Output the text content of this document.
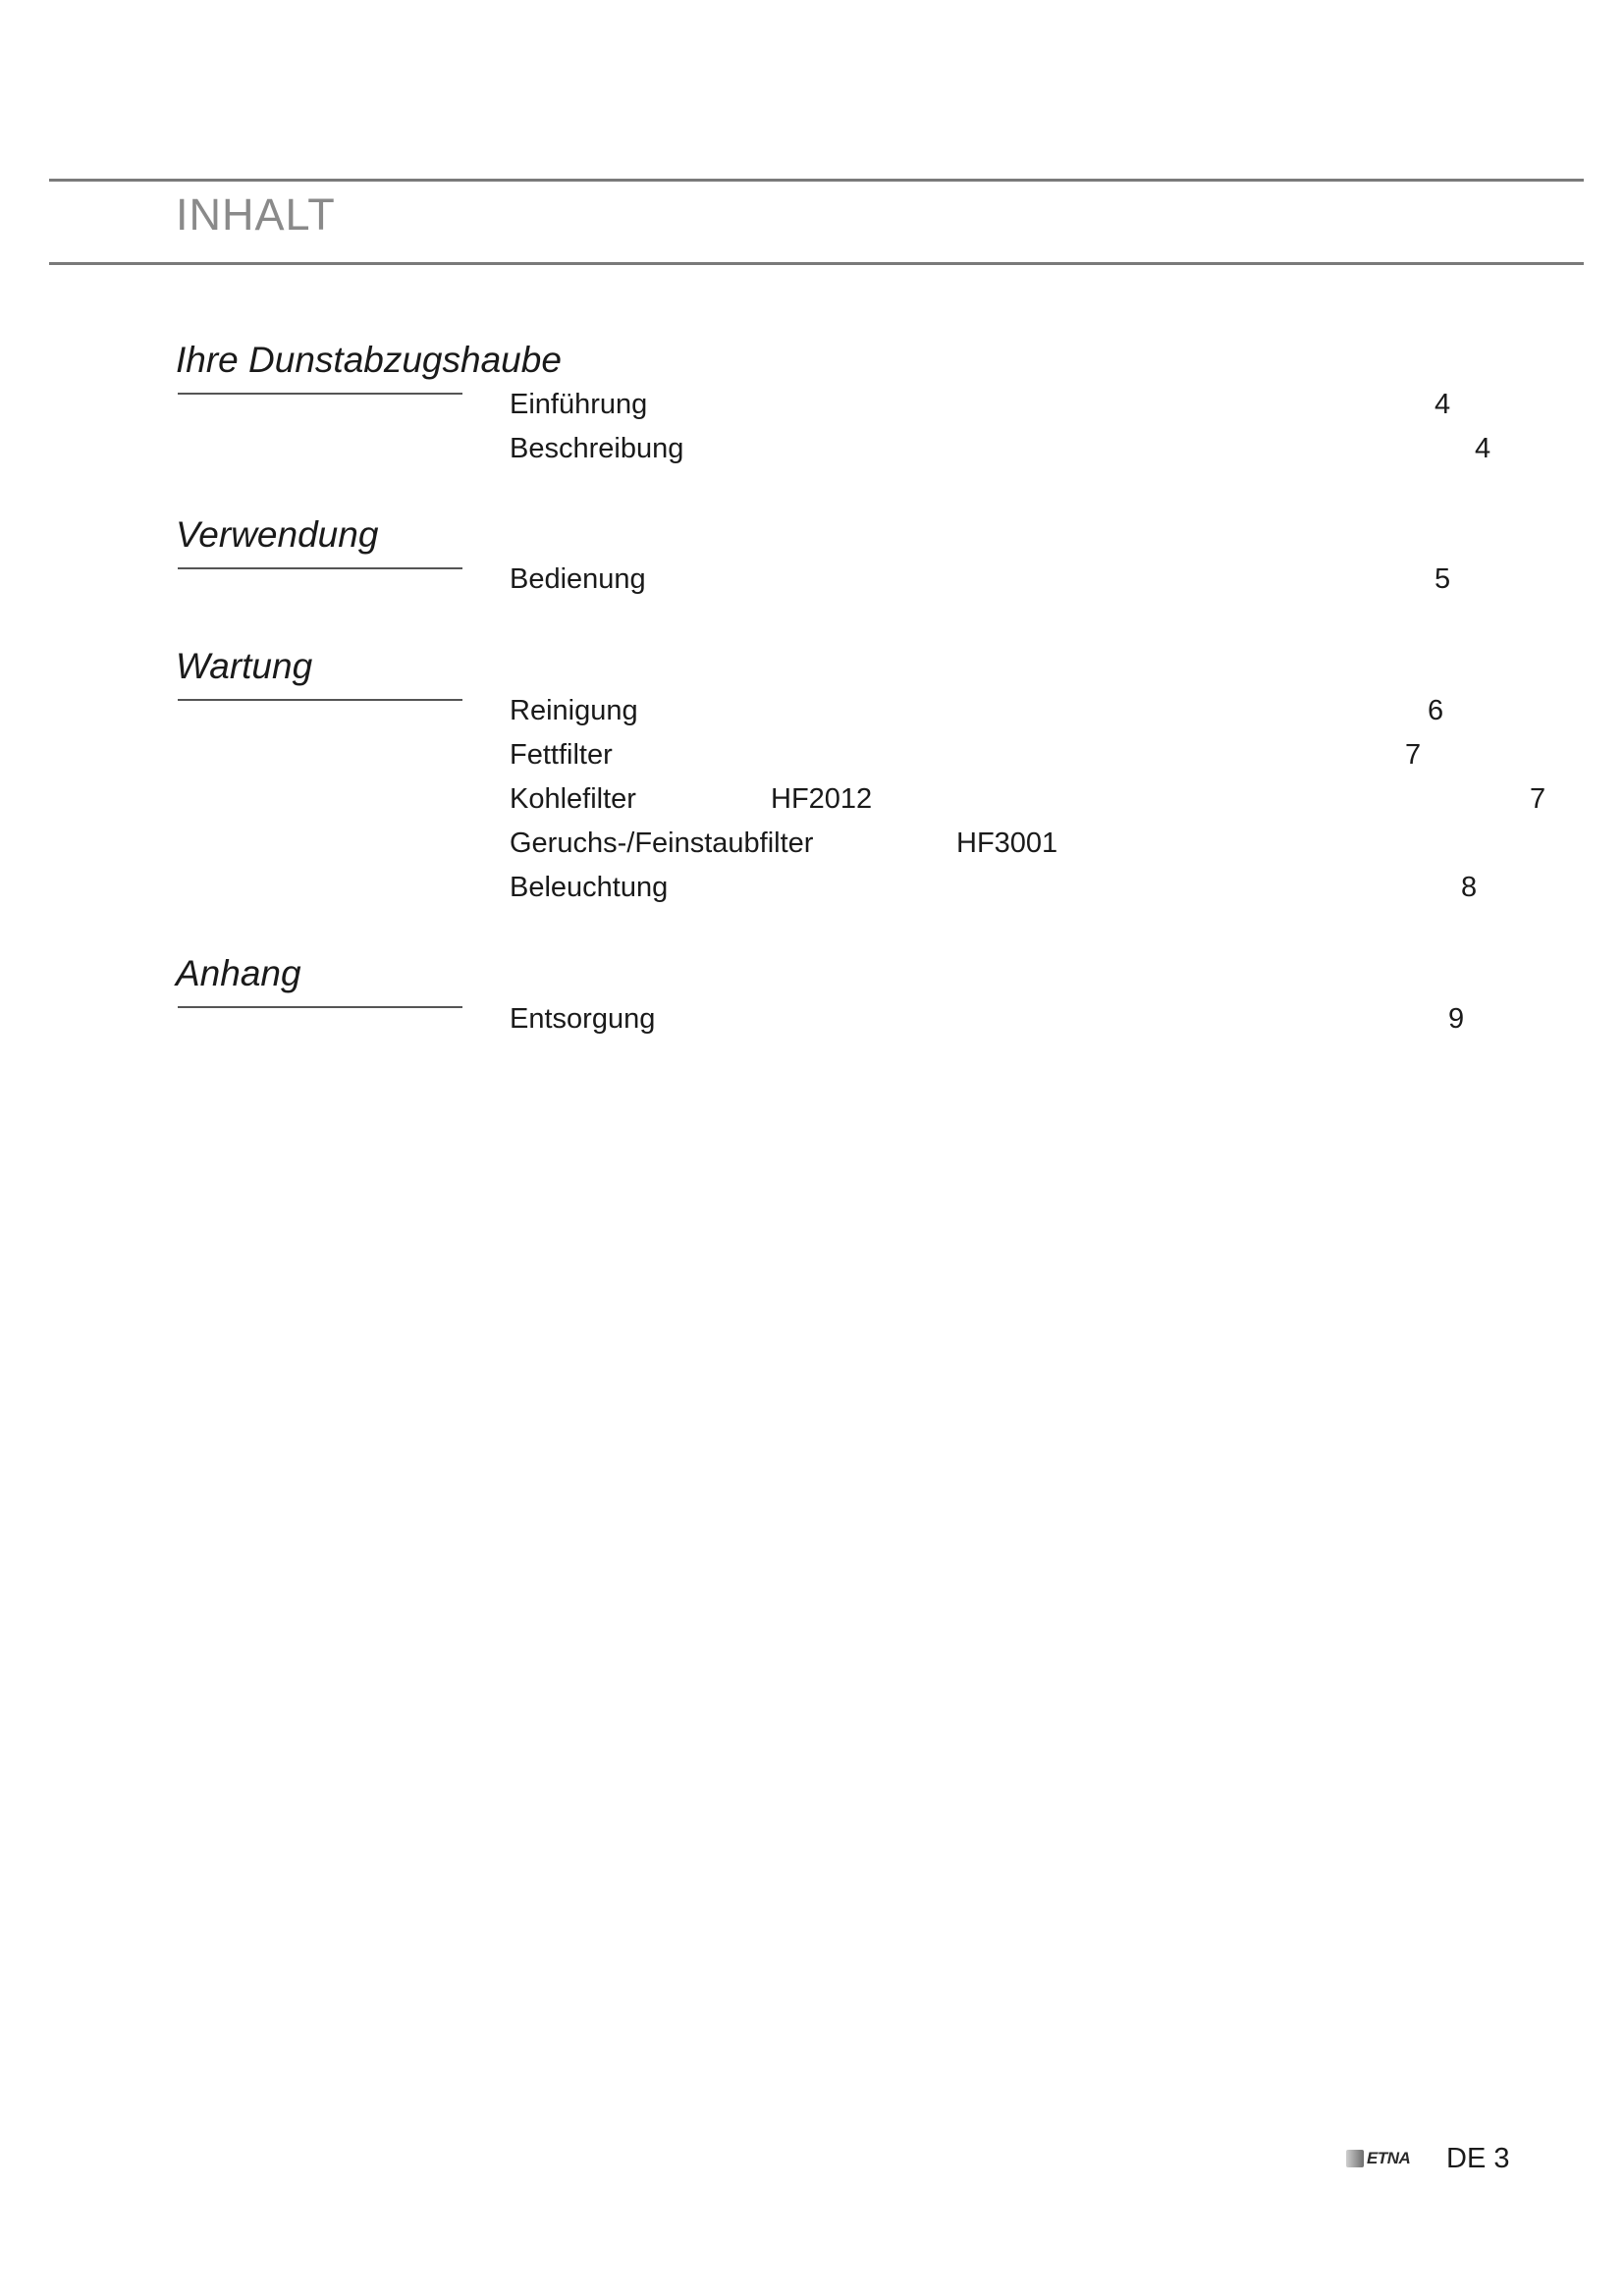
INHALT
Ihre Dunstabzugshaube
Einführung	4
Beschreibung	4
Verwendung
Bedienung	5
Wartung
Reinigung	6
Fettfilter	7
Kohlefilter	HF2012	7
Geruchs-/Feinstaubfilter	HF3001
Beleuchtung	8
Anhang
Entsorgung	9
ETNA DE 3
